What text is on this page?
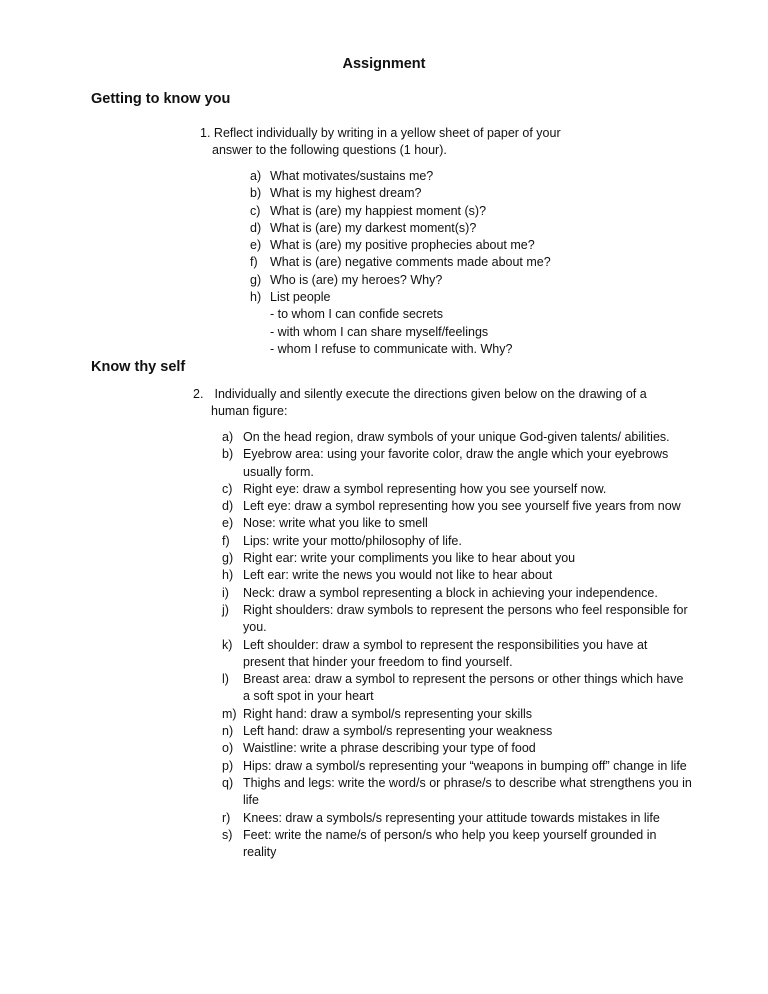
Assignment
Getting to know you
1. Reflect individually by writing in a yellow sheet of paper of your
answer to the following questions (1 hour).
a) What motivates/sustains me?
b) What is my highest dream?
c) What is (are) my happiest moment (s)?
d) What is (are) my darkest moment(s)?
e) What is (are) my positive prophecies about me?
f) What is (are) negative comments made about me?
g) Who is (are) my heroes? Why?
h) List people
- to whom I can confide secrets
- with whom I can share myself/feelings
- whom I refuse to communicate with. Why?
Know thy self
2. Individually and silently execute the directions given below on the drawing of a
human figure:
a) On the head region, draw symbols of your unique God-given talents/ abilities.
b) Eyebrow area: using your favorite color, draw the angle which your eyebrows usually form.
c) Right eye: draw a symbol representing how you see yourself now.
d) Left eye: draw a symbol representing how you see yourself five years from now
e) Nose: write what you like to smell
f) Lips: write your motto/philosophy of life.
g) Right ear: write your compliments you like to hear about you
h) Left ear: write the news you would not like to hear about
i) Neck: draw a symbol representing a block in achieving your independence.
j) Right shoulders: draw symbols to represent the persons who feel responsible for you.
k) Left shoulder: draw a symbol to represent the responsibilities you have at present that hinder your freedom to find yourself.
l) Breast area: draw a symbol to represent the persons or other things which have a soft spot in your heart
m) Right hand: draw a symbol/s representing your skills
n) Left hand: draw a symbol/s representing your weakness
o) Waistline: write a phrase describing your type of food
p) Hips: draw a symbol/s representing your “weapons in bumping off” change in life
q) Thighs and legs: write the word/s or phrase/s to describe what strengthens you in life
r) Knees: draw a symbols/s representing your attitude towards mistakes in life
s) Feet: write the name/s of person/s who help you keep yourself grounded in reality
